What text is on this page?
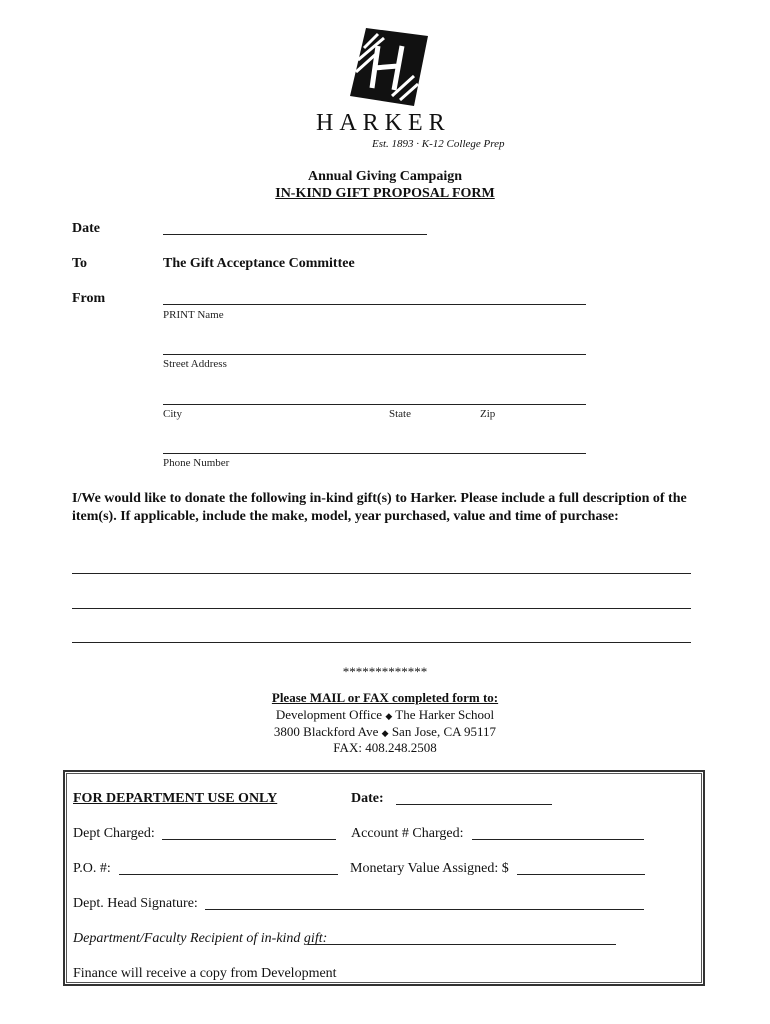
HARKER
Est. 1893 · K-12 College Prep
Annual Giving Campaign
IN-KIND GIFT PROPOSAL FORM
Date
To	The Gift Acceptance Committee
From
PRINT Name
Street Address
City	State	Zip
Phone Number
I/We would like to donate the following in-kind gift(s) to Harker. Please include a full description of the item(s). If applicable, include the make, model, year purchased, value and time of purchase:
*************
Please MAIL or FAX completed form to:
Development Office ◆ The Harker School
3800 Blackford Ave ◆ San Jose, CA 95117
FAX: 408.248.2508
FOR DEPARTMENT USE ONLY	Date:
Dept Charged:	Account # Charged:
P.O. #:	Monetary Value Assigned: $
Dept. Head Signature:
Department/Faculty Recipient of in-kind gift:
Finance will receive a copy from Development
